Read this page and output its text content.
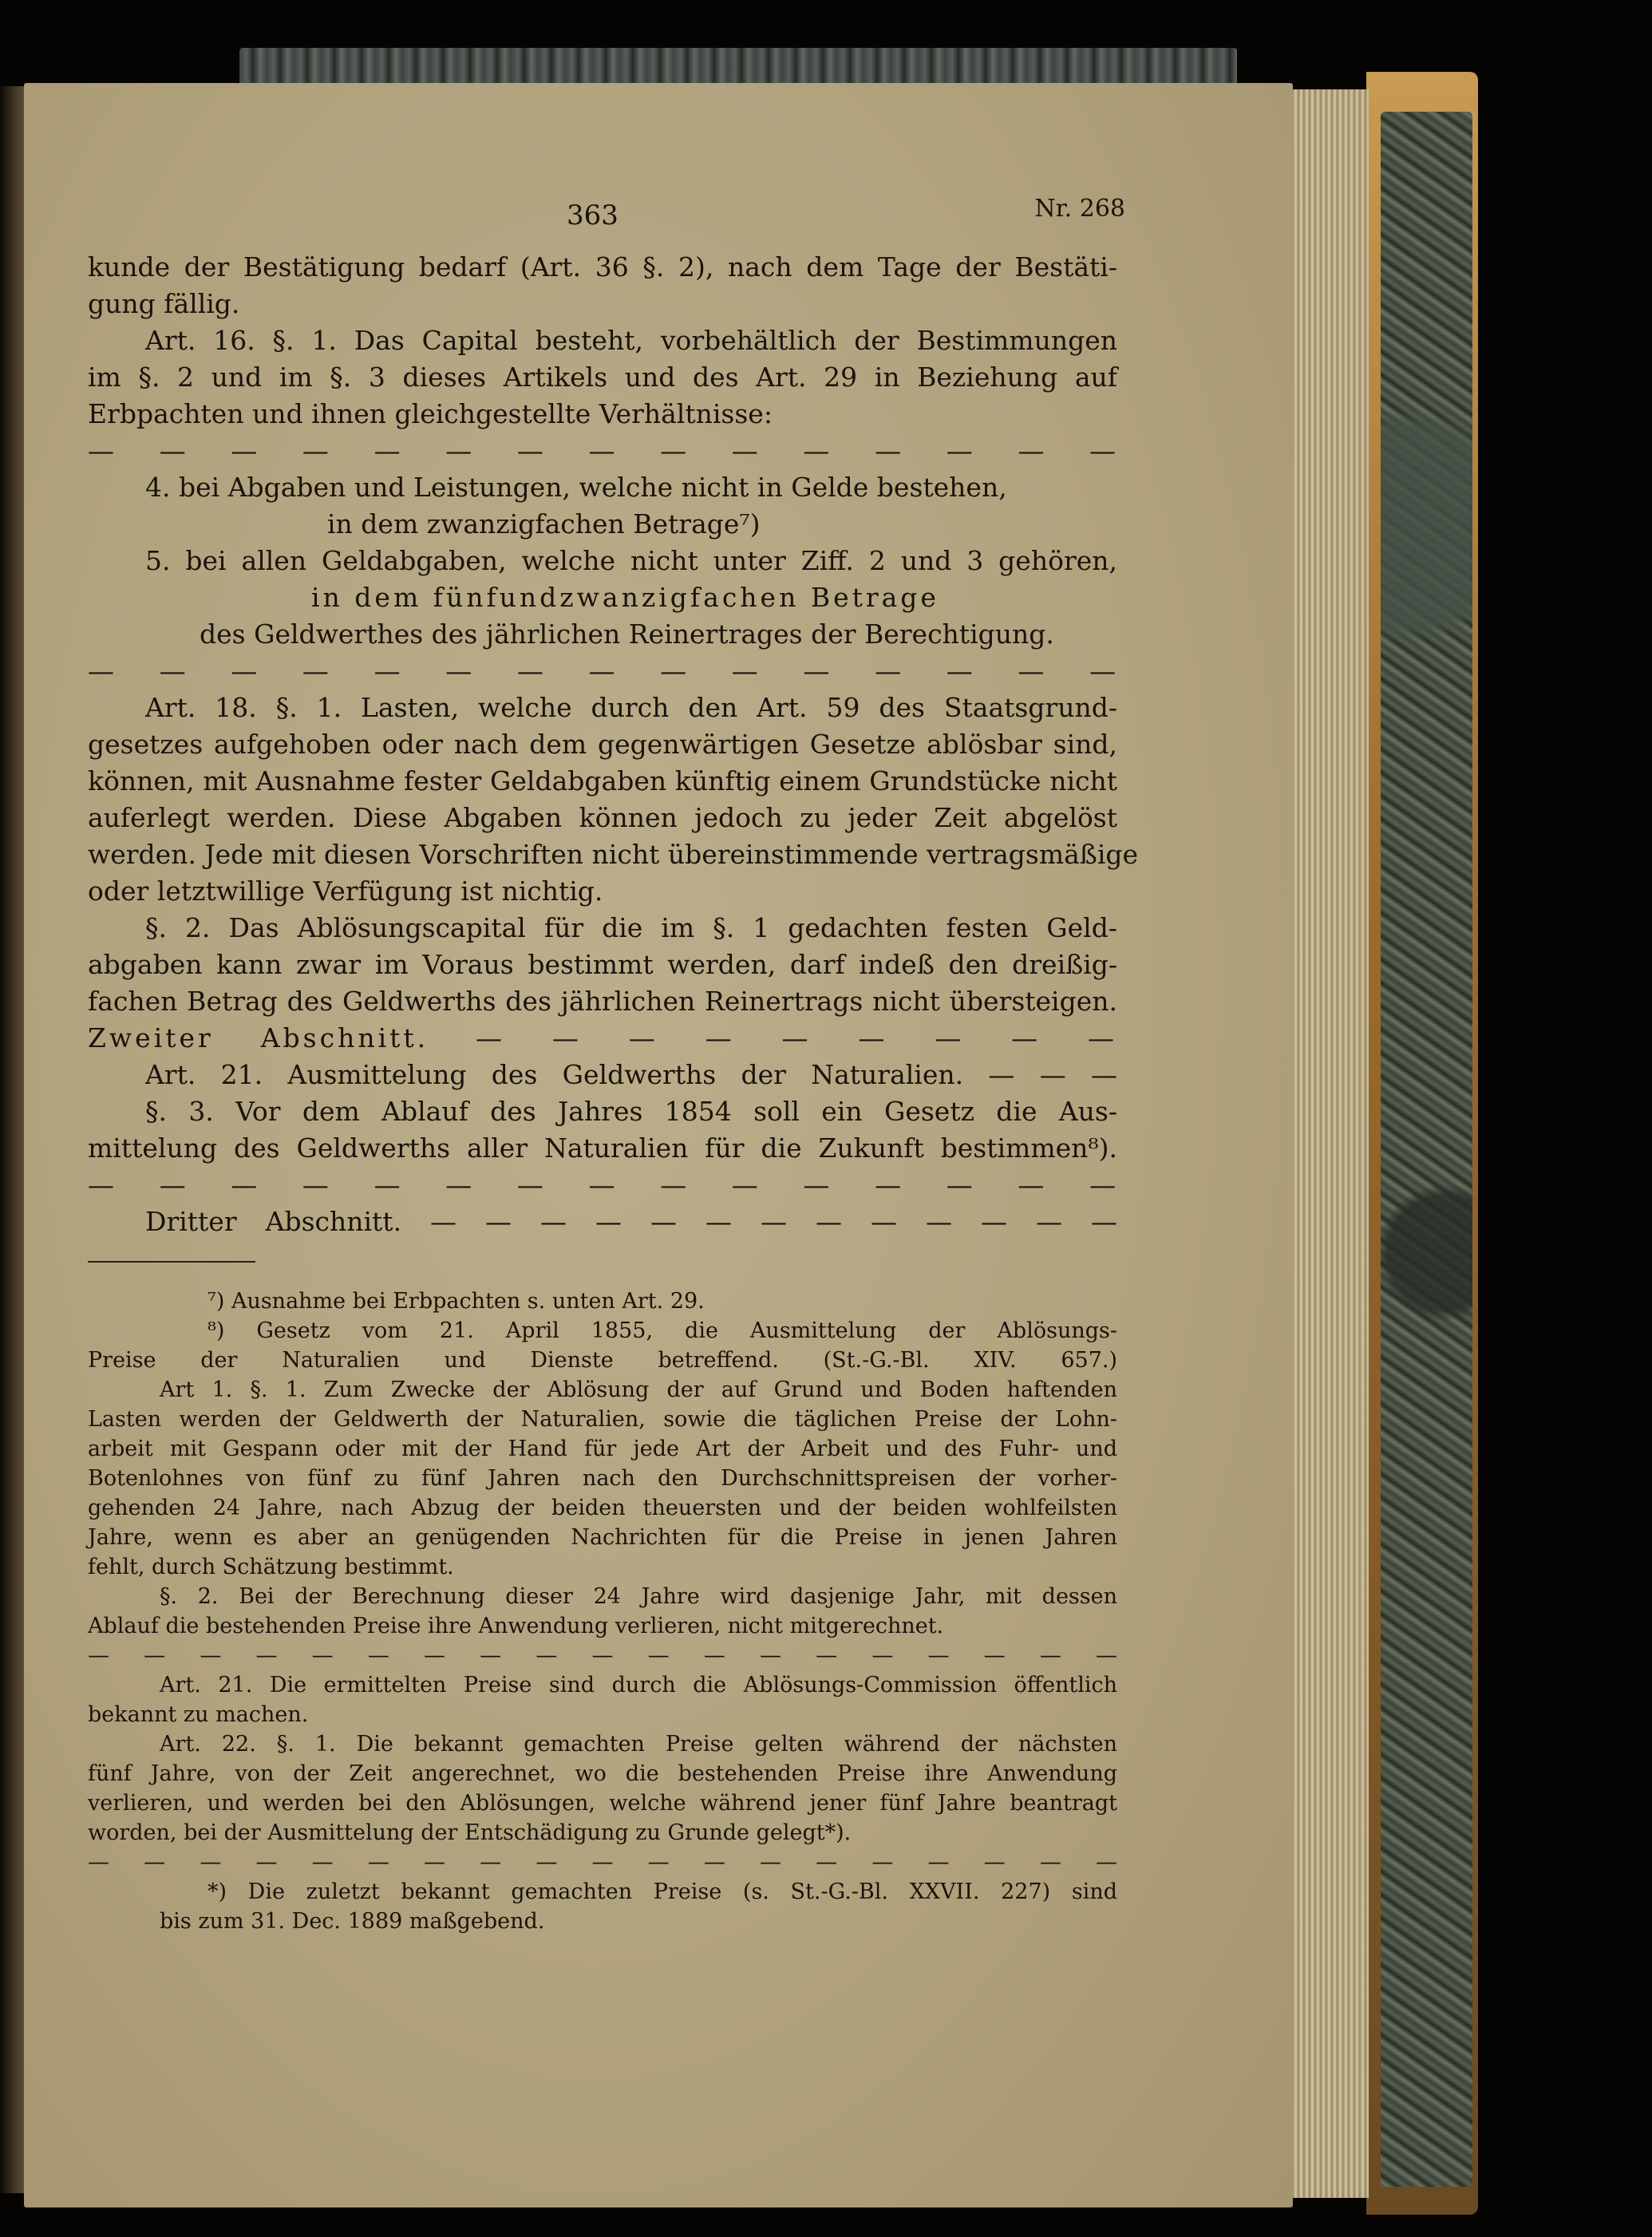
363	Nr. 268
kunde der Bestätigung bedarf (Art. 36 §. 2), nach dem Tage der Bestäti-
gung fällig.
Art. 16. §. 1. Das Capital besteht, vorbehältlich der Bestimmungen
im §. 2 und im §. 3 dieses Artikels und des Art. 29 in Beziehung auf
Erbpachten und ihnen gleichgestellte Verhältnisse:
— — — — — — — — — — — — — — —
4. bei Abgaben und Leistungen, welche nicht in Gelde bestehen,
in dem zwanzigfachen Betrage⁷)
5. bei allen Geldabgaben, welche nicht unter Ziff. 2 und 3 gehören,
in dem fünfundzwanzigfachen Betrage
des Geldwerthes des jährlichen Reinertrages der Berechtigung.
— — — — — — — — — — — — — — —
Art. 18. §. 1. Lasten, welche durch den Art. 59 des Staatsgrund-
gesetzes aufgehoben oder nach dem gegenwärtigen Gesetze ablösbar sind,
können, mit Ausnahme fester Geldabgaben künftig einem Grundstücke nicht
auferlegt werden. Diese Abgaben können jedoch zu jeder Zeit abgelöst
werden. Jede mit diesen Vorschriften nicht übereinstimmende vertragsmäßige
oder letztwillige Verfügung ist nichtig.
§. 2. Das Ablösungscapital für die im §. 1 gedachten festen Geld-
abgaben kann zwar im Voraus bestimmt werden, darf indeß den dreißig-
fachen Betrag des Geldwerths des jährlichen Reinertrags nicht übersteigen.
Zweiter Abschnitt. — — — — — — — — —
Art. 21. Ausmittelung des Geldwerths der Naturalien. — — —
§. 3. Vor dem Ablauf des Jahres 1854 soll ein Gesetz die Aus-
mittelung des Geldwerths aller Naturalien für die Zukunft bestimmen⁸).
— — — — — — — — — — — — — — —
Dritter Abschnitt. — — — — — — — — — — — — —
⁷) Ausnahme bei Erbpachten s. unten Art. 29.
⁸) Gesetz vom 21. April 1855, die Ausmittelung der Ablösungs-
Preise der Naturalien und Dienste betreffend. (St.-G.-Bl. XIV. 657.)
Art 1. §. 1. Zum Zwecke der Ablösung der auf Grund und Boden haftenden
Lasten werden der Geldwerth der Naturalien, sowie die täglichen Preise der Lohn-
arbeit mit Gespann oder mit der Hand für jede Art der Arbeit und des Fuhr- und
Botenlohnes von fünf zu fünf Jahren nach den Durchschnittspreisen der vorher-
gehenden 24 Jahre, nach Abzug der beiden theuersten und der beiden wohlfeilsten
Jahre, wenn es aber an genügenden Nachrichten für die Preise in jenen Jahren
fehlt, durch Schätzung bestimmt.
§. 2. Bei der Berechnung dieser 24 Jahre wird dasjenige Jahr, mit dessen
Ablauf die bestehenden Preise ihre Anwendung verlieren, nicht mitgerechnet.
— — — — — — — — — — — — — — — — — — —
Art. 21. Die ermittelten Preise sind durch die Ablösungs-Commission öffentlich
bekannt zu machen.
Art. 22. §. 1. Die bekannt gemachten Preise gelten während der nächsten
fünf Jahre, von der Zeit angerechnet, wo die bestehenden Preise ihre Anwendung
verlieren, und werden bei den Ablösungen, welche während jener fünf Jahre beantragt
worden, bei der Ausmittelung der Entschädigung zu Grunde gelegt*).
— — — — — — — — — — — — — — — — — — —
*) Die zuletzt bekannt gemachten Preise (s. St.-G.-Bl. XXVII. 227) sind
bis zum 31. Dec. 1889 maßgebend.
